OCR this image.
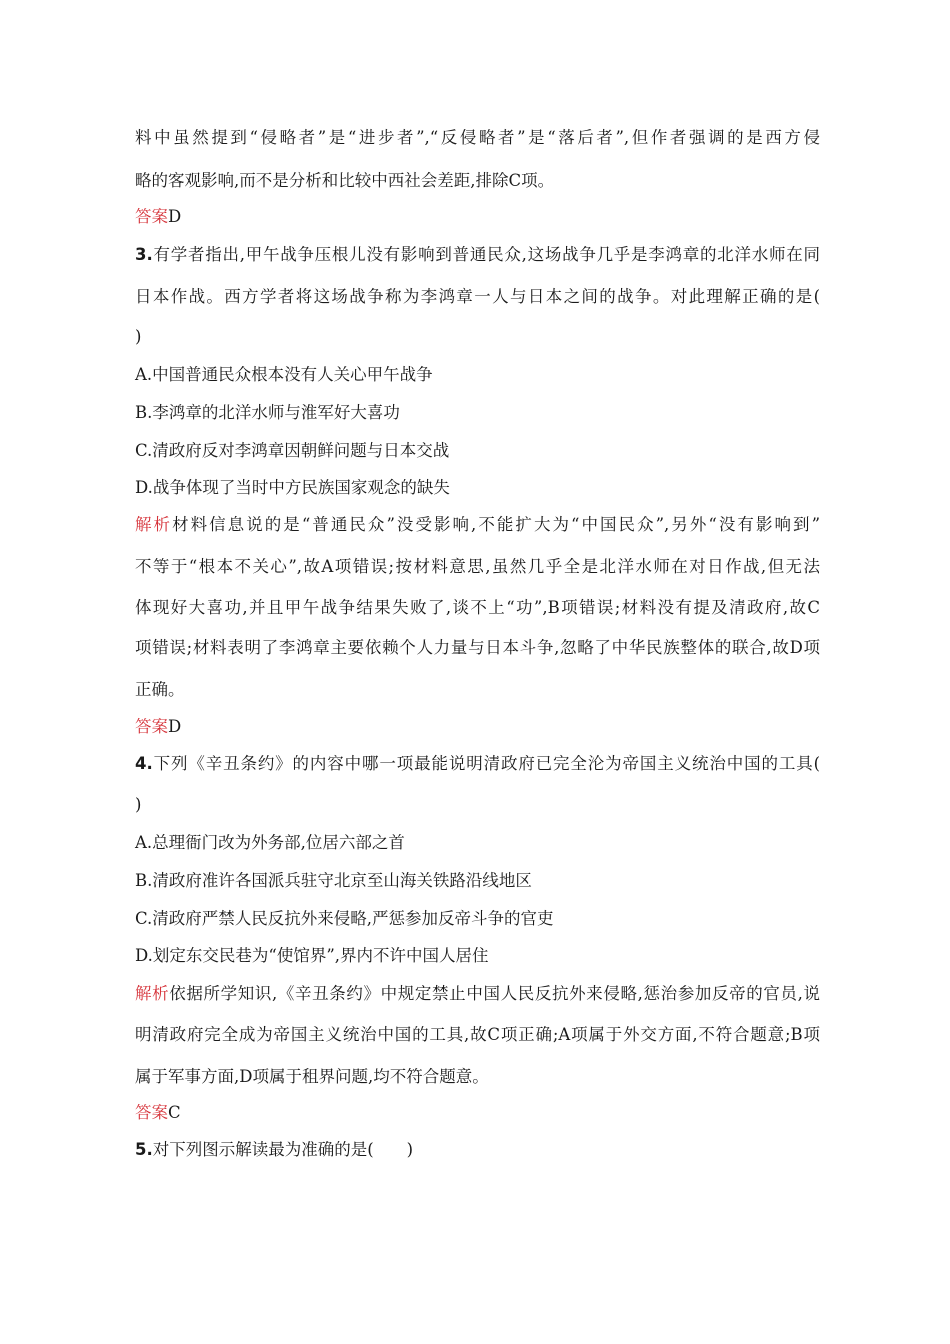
料中虽然提到“侵略者”是“进步者”,“反侵略者”是“落后者”,但作者强调的是西方侵
略的客观影响,而不是分析和比较中西社会差距,排除C项。
答案D
3.有学者指出,甲午战争压根儿没有影响到普通民众,这场战争几乎是李鸿章的北洋水师在同
日本作战。西方学者将这场战争称为李鸿章一人与日本之间的战争。对此理解正确的是(
)
A.中国普通民众根本没有人关心甲午战争
B.李鸿章的北洋水师与淮军好大喜功
C.清政府反对李鸿章因朝鲜问题与日本交战
D.战争体现了当时中方民族国家观念的缺失
解析材料信息说的是“普通民众”没受影响,不能扩大为“中国民众”,另外“没有影响到”
不等于“根本不关心”,故A项错误;按材料意思,虽然几乎全是北洋水师在对日作战,但无法
体现好大喜功,并且甲午战争结果失败了,谈不上“功”,B项错误;材料没有提及清政府,故C
项错误;材料表明了李鸿章主要依赖个人力量与日本斗争,忽略了中华民族整体的联合,故D项
正确。
答案D
4.下列《辛丑条约》的内容中哪一项最能说明清政府已完全沦为帝国主义统治中国的工具(
)
A.总理衙门改为外务部,位居六部之首
B.清政府准许各国派兵驻守北京至山海关铁路沿线地区
C.清政府严禁人民反抗外来侵略,严惩参加反帝斗争的官吏
D.划定东交民巷为“使馆界”,界内不许中国人居住
解析依据所学知识,《辛丑条约》中规定禁止中国人民反抗外来侵略,惩治参加反帝的官员,说
明清政府完全成为帝国主义统治中国的工具,故C项正确;A项属于外交方面,不符合题意;B项
属于军事方面,D项属于租界问题,均不符合题意。
答案C
5.对下列图示解读最为准确的是(　　)
